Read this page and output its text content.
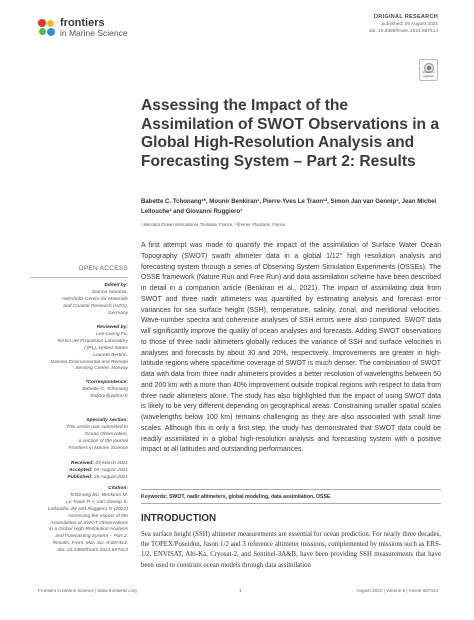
frontiers
in Marine Science
ORIGINAL RESEARCH
published: 26 August 2021
doi: 10.3389/fmars.2021.687414
Check for updates
Assessing the Impact of the Assimilation of SWOT Observations in a Global High-Resolution Analysis and Forecasting System – Part 2: Results
Babette C. Tchonang¹*, Mounir Benkiran¹, Pierre-Yves Le Traon¹², Simon Jan van Gennip¹, Jean Michel Lellouche¹ and Giovanni Ruggiero¹
¹ Mercator Ocean International, Toulouse, France, ² Ifremer, Plouzané, France
OPEN ACCESS
Edited by:
Joanna Staneva,
Helmholtz Centre for Materials
and Coastal Research (HZG),
Germany
Reviewed by:
Lee-Lueng Fu,
NASA Jet Propulsion Laboratory
(JPL), United States
Laurent Bertino,
Nansen Environmental and Remote
Sensing Center, Norway
*Correspondence:
Babette C. Tchonang
btdjom@yahoo.fr
Specialty section:
This article was submitted to
Ocean Observation,
a section of the journal
Frontiers in Marine Science
Received: 29 March 2021
Accepted: 04 August 2021
Published: 26 August 2021
Citation:
Tchonang BC, Benkiran M,
Le Traon P-Y, van Gennip S,
Lellouche JM and Ruggiero G (2021)
Assessing the Impact of the
Assimilation of SWOT Observations
in a Global High-Resolution Analysis
and Forecasting System – Part 2:
Results. Front. Mar. Sci. 8:687414.
doi: 10.3389/fmars.2021.687414
A first attempt was made to quantify the impact of the assimilation of Surface Water Ocean Topography (SWOT) swath altimeter data in a global 1/12° high resolution analysis and forecasting system through a series of Observing System Simulation Experiments (OSSEs). The OSSE framework (Nature Run and Free Run) and data assimilation scheme have been described in detail in a companion article (Benkiran et al., 2021). The impact of assimilating data from SWOT and three nadir altimeters was quantified by estimating analysis and forecast error variances for sea surface height (SSH), temperature, salinity, zonal, and meridional velocities. Wave-number spectra and coherence analyses of SSH errors were also computed. SWOT data will significantly improve the quality of ocean analyses and forecasts. Adding SWOT observations to those of three nadir altimeters globally reduces the variance of SSH and surface velocities in analyses and forecasts by about 30 and 20%, respectively. Improvements are greater in high-latitude regions where space/time coverage of SWOT is much denser. The combination of SWOT data with data from three nadir altimeters provides a better resolution of wavelengths between 50 and 200 km with a more than 40% improvement outside tropical regions with respect to data from three nadir altimeters alone. The study has also highlighted that the impact of using SWOT data is likely to be very different depending on geographical areas. Constraining smaller spatial scales (wavelengths below 100 km) remains challenging as they are also associated with small time scales. Although this is only a first step, the study has demonstrated that SWOT data could be readily assimilated in a global high-resolution analysis and forecasting system with a positive impact at all latitudes and outstanding performances.
Keywords: SWOT, nadir altimeters, global modeling, data assimilation, OSSE
INTRODUCTION
Sea surface height (SSH) altimeter measurements are essential for ocean prediction. For nearly three decades, the TOPEX/Poseidon, Jason 1/2 and 3 reference altimeter missions, complemented by missions such as ERS-1/2, ENVISAT, Alti-Ka, Cryosat-2, and Sentinel-3A&B, have been providing SSH measurements that have been used to constrain ocean models through data assimilation
Frontiers in Marine Science | www.frontiersin.org	1	August 2021 | Volume 8 | Article 687414
